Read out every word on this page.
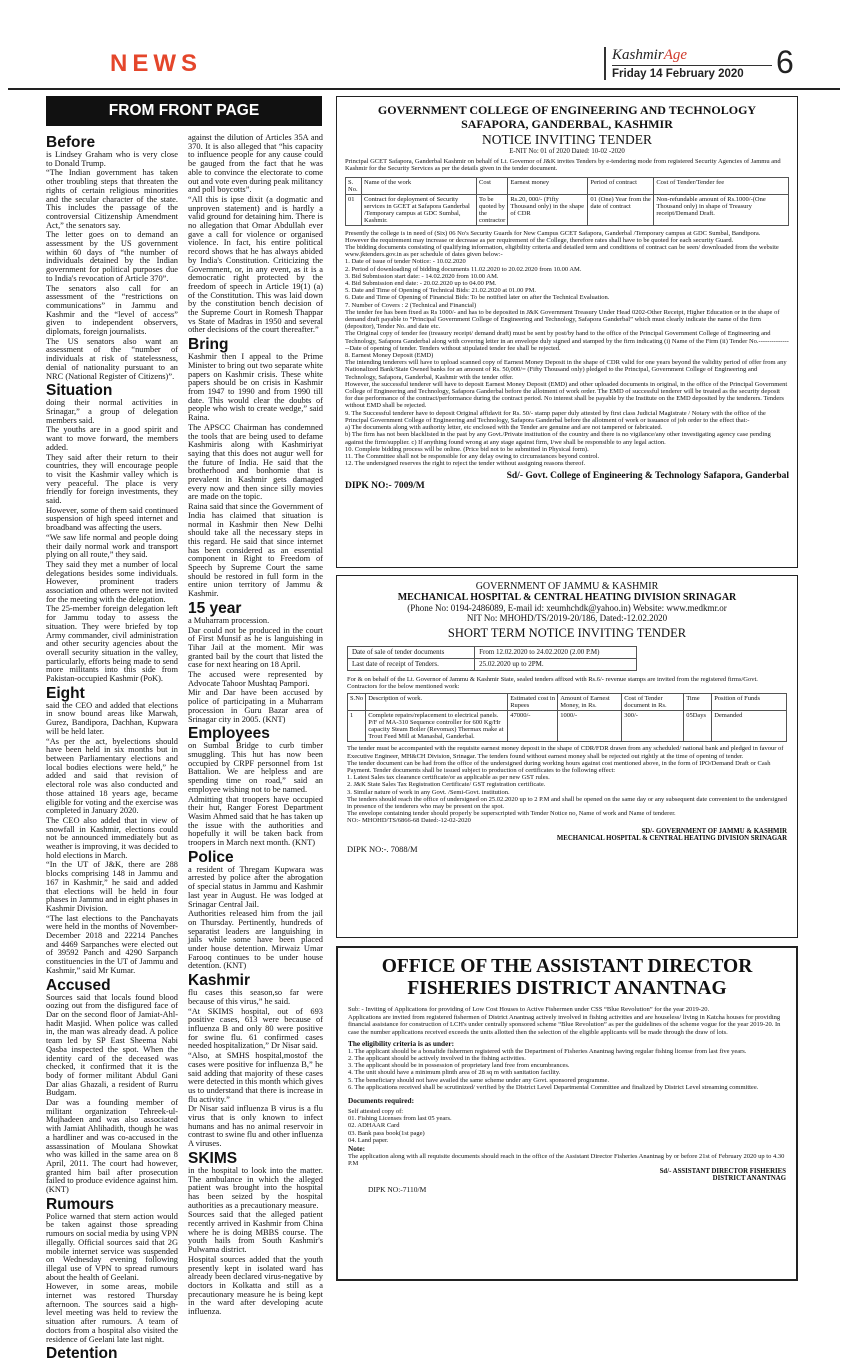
NEWS	KashmirAge
Friday 14 February 2020	6
FROM FRONT PAGE
Before

is Lindsey Graham who is very close to Donald Trump.

“The Indian government has taken other troubling steps that threaten the rights of certain religious minorities and the secular character of the state. This includes the passage of the controversial Citizenship Amendment Act,” the senators say.

The letter goes on to demand an assessment by the US government within 60 days of “the number of individuals detained by the Indian government for political purposes due to India's revocation of Article 370”.

The senators also call for an assessment of the “restrictions on communications” in Jammu and Kashmir and the “level of access” given to independent observers, diplomats, foreign journalists.

The US senators also want an assessment of the “number of individuals at risk of statelessness, denial of nationality pursuant to an NRC (National Register of Citizens)”.

Situation

doing their normal activities in Srinagar,” a group of delegation members said.

The youths are in a good spirit and want to move forward, the members added.

They said after their return to their countries, they will encourage people to visit the Kashmir valley which is very peaceful. The place is very friendly for foreign investments, they said.

However, some of them said continued suspension of high speed internet and broadband was affecting the users.

“We saw life normal and people doing their daily normal work and transport plying on all route,” they said.

They said they met a number of local delegations besides some individuals. However, prominent traders association and others were not invited for the meeting with the delegation.

The 25-member foreign delegation left for Jammu today to assess the situation. They were briefed by top Army commander, civil administration and other security agencies about the overall security situation in the valley, particularly, efforts being made to send more militants into this side from Pakistan-occupied Kashmir (PoK).

Eight

said the CEO and added that elections in snow bound areas like Marwah, Gurez, Bandipora, Dachhan, Kupwara will be held later.

“As per the act, byelections should have been held in six months but in between Parliamentary elections and local bodies elections were held,” he added and said that revision of electoral role was also conducted and those attained 18 years age, became eligible for voting and the exercise was completed in January 2020.

The CEO also added that in view of snowfall in Kashmir, elections could not be announced immediately but as weather is improving, it was decided to hold elections in March.

“In the UT of J&K, there are 288 blocks comprising 148 in Jammu and 167 in Kashmir,” he said and added that elections will be held in four phases in Jammu and in eight phases in Kashmir Division.

“The last elections to the Panchayats were held in the months of November-December 2018 and 22214 Panches and 4469 Sarpanches were elected out of 39592 Panch and 4290 Sarpanch constituencies in the UT of Jammu and Kashmir,” said Mr Kumar.

Accused

Sources said that locals found blood oozing out from the disfigured face of Dar on the second floor of Jamiat-Ahl-hadit Masjid. When police was called in, the man was already dead. A police team led by SP East Sheema Nabi Qasba inspected the spot. When the identity card of the deceased was checked, it confirmed that it is the body of former militant Abdul Gani Dar alias Ghazali, a resident of Rurru Budgam.

Dar was a founding member of militant organization Tehreek-ul-Mujhadeen and was also associated with Jamiat Ahlihadith, though he was a hardliner and was co-accused in the assassination of Moulana Showkat who was killed in the same area on 8 April, 2011. The court had however, granted him bail after prosecution failed to produce evidence against him. (KNT)

Rumours

Police warned that stern action would be taken against those spreading rumours on social media by using VPN illegally. Official sources said that 2G mobile internet service was suspended on Wednesday evening following illegal use of VPN to spread rumours about the health of Geelani.

However, in some areas, mobile internet was restored Thursday afternoon. The sources said a high-level meeting was held to review the situation after rumours. A team of doctors from a hospital also visited the residence of Geelani late last night.

Detention

against the dilution of Articles 35A and 370. It is also alleged that “his capacity to influence people for any cause could be gauged from the fact that he was able to convince the electorate to come out and vote even during peak militancy and poll boycotts”.

“All this is ipse dixit (a dogmatic and unproven statement) and is hardly a valid ground for detaining him. There is no allegation that Omar Abdullah ever gave a call for violence or organised violence. In fact, his entire political record shows that he has always abided by India's Constitution. Criticizing the Government, or, in any event, as it is a democratic right protected by the freedom of speech in Article 19(1) (a) of the Constitution. This was laid down by the constitution bench decision of the Supreme Court in Romesh Thappar vs State of Madras in 1950 and several other decisions of the court thereafter.”

Bring

Kashmir then I appeal to the Prime Minister to bring out two separate white papers on Kashmir crisis. These white papers should be on crisis in Kashmir from 1947 to 1990 and from 1990 till date. This would clear the doubts of people who wish to create wedge,” said Raina.

The APSCC Chairman has condemned the tools that are being used to defame Kashmiris along with Kashmiriyat saying that this does not augur well for the future of India. He said that the brotherhood and bonhomie that is prevalent in Kashmir gets damaged every now and then since silly movies are made on the topic.

Raina said that since the Government of India has claimed that situation is normal in Kashmir then New Delhi should take all the necessary steps in this regard. He said that since internet has been considered as an essential component in Right to Freedom of Speech by Supreme Court the same should be restored in full form in the entire union territory of Jammu & Kashmir.

15 year

a Muharram procession.

Dar could not be produced in the court of First Munsif as he is languishing in Tihar Jail at the moment. Mir was granted bail by the court that listed the case for next hearing on 18 April.

The accused were represented by Advocate Tahoor Mushtaq Pampori.

Mir and Dar have been accused by police of participating in a Muharram procession in Guru Bazar area of Srinagar city in 2005. (KNT)

Employees

on Sumbal Bridge to curb timber smuggling. This hut has now been occupied by CRPF personnel from 1st Battalion. We are helpless and are spending time on road,” said an employee wishing not to be named.

Admitting that troopers have occupied their hut, Ranger Forest Department Wasim Ahmed said that he has taken up the issue with the authorities and hopefully it will be taken back from troopers in March next month. (KNT)

Police

a resident of Thregam Kupwara was arrested by police after the abrogation of special status in Jammu and Kashmir last year in August. He was lodged at Srinagar Central Jail.

Authorities released him from the jail on Thursday. Pertinently, hundreds of separatist leaders are languishing in jails while some have been placed under house detention. Mirwaiz Umar Farooq continues to be under house detention. (KNT)

Kashmir

flu cases this season,so far were because of this virus,” he said.

“At SKIMS hospital, out of 693 positive cases, 613 were because of influenza B and only 80 were positive for swine flu. 61 confirmed cases needed hospitalization,” Dr Nisar said.

“Also, at SMHS hospital,mostof the cases were positive for influenza B,” he said adding that majority of these cases were detected in this month which gives us to understand that there is increase in flu activity.”

Dr Nisar said influenza B virus is a flu virus that is only known to infect humans and has no animal reservoir in contrast to swine flu and other influenza A viruses.

SKIMS

in the hospital to look into the matter. The ambulance in which the alleged patient was brought into the hospital has been seized by the hospital authorities as a precautionary measure.

Sources said that the alleged patient recently arrived in Kashmir from China where he is doing MBBS course. The youth hails from South Kashmir's Pulwama district.

Hospital sources added that the youth presently kept in isolated ward has already been declared virus-negative by doctors in Kolkatta and still as a precautionary measure he is being kept in the ward after developing acute influenza.

GOVERNMENT COLLEGE OF ENGINEERING AND TECHNOLOGY
SAFAPORA, GANDERBAL, KASHMIR
NOTICE INVITING TENDER
E-NIT No: 01 of 2020 Dated: 10-02 -2020
Principal GCET Safapora, Ganderbal Kashmir on behalf of Lt. Governor of J&K invites Tenders by e-tendering mode from registered Security Agencies of Jammu and Kashmir for the Security Services as per the details given in the tender document.
S. No.	Name of the work	Cost	Earnest money	Period of contract	Cost of Tender/Tender fee
01	Contract for deployment of Security services in GCET at Safapora Ganderbal /Temporary campus at GDC Sumbal, Kashmir.	To be quoted by the contractor	Rs.20, 000/- (Fifty Thousand only) in the shape of CDR	01 (One) Year from the date of contract	Non-refundable amount of Rs.1000/-(One Thousand only) in shape of Treasury receipt/Demand Draft.
Presently the college is in need of (Six) 06 No's Security Guards for New Campus GCET Safapora, Ganderbal /Temporary campus at GDC Sumbal, Bandipora.
However the requirement may increase or decrease as per requirement of the College, therefore rates shall have to be quoted for each security Guard.
The bidding documents consisting of qualifying information, eligibility criteria and detailed term and conditions of contract can be seen/ downloaded from the website www.jktenders.gov.in as per schedule of dates given below:-
1. Date of issue of tender Notice: - 10.02.2020
2. Period of downloading of bidding documents 11.02.2020 to 20.02.2020 from 10.00 AM.
3. Bid Submission start date: - 14.02.2020 from 10.00 AM.
4. Bid Submission end date: - 20.02.2020 up to 04.00 PM.
5. Date and Time of Opening of Technical Bids: 21.02.2020 at 01.00 PM.
6. Date and Time of Opening of Financial Bids: To be notified later on after the Technical Evaluation.
7. Number of Covers : 2 (Technical and Financial)
The tender fee has been fixed as Rs 1000/- and has to be deposited in J&K Government Treasury Under Head 0202-Other Receipt, Higher Education or in the shape of demand draft payable to “Principal Government College of Engineering and Technology, Safapora Ganderbal” which must clearly indicate the name of the firm (depositor), Tender No. and date etc.
The Original copy of tender fee (treasury receipt/ demand draft) must be sent by post/by hand to the office of the Principal Government College of Engineering and Technology, Safapora Ganderbal along with covering letter in an envelope duly signed and stamped by the firm indicating (i) Name of the Firm (ii) Tender No.----------------Date of opening of tender. Tenders without stipulated tender fee shall be rejected.
8. Earnest Money Deposit (EMD)
The intending tenderers will have to upload scanned copy of Earnest Money Deposit in the shape of CDR valid for one years beyond the validity period of offer from any Nationalized Bank/State Owned banks for an amount of Rs. 50,000/= (Fifty Thousand only) pledged to the Principal, Government College of Engineering and Technology, Safapora, Ganderbal, Kashmir with the tender offer.
However, the successful tenderer will have to deposit Earnest Money Deposit (EMD) and other uploaded documents in original, in the office of the Principal Government College of Engineering and Technology, Safapora Ganderbal before the allotment of work order. The EMD of successful tenderer will be treated as the security deposit for due performance of the contract/performance during the contract period. No interest shall be payable by the Institute on the EMD deposited by the tenderers. Tenders without EMD shall be rejected.
9. The Successful tenderer have to deposit Original affidavit for Rs. 50/- stamp paper duly attested by first class Judicial Magistrate / Notary with the office of the Principal Government College of Engineering and Technology, Safapora Ganderbal before the allotment of work or issuance of job order to the effect that:-
a) The documents along with authority letter, etc enclosed with the Tender are genuine and are not tampered or fabricated.
b) The firm has not been blacklisted in the past by any Govt./Private institution of the country and there is no vigilance/any other investigating agency case pending against the firm/supplier. c) If anything found wrong at any stage against firm, I/we shall be responsible to any legal action.
10. Complete bidding process will be online. (Price bid not to be submitted in Physical form).
11. The Committee shall not be responsible for any delay owing to circumstances beyond control.
12. The undersigned reserves the right to reject the tender without assigning reasons thereof.
Sd/- Govt. College of Engineering & Technology Safapora, Ganderbal
DIPK NO:- 7009/M
GOVERNMENT OF JAMMU & KASHMIR
MECHANICAL HOSPITAL & CENTRAL HEATING DIVISION SRINAGAR
(Phone No: 0194-2486089, E-mail id: xeumhchdk@yahoo.in) Website: www.medkmr.or
NIT No: MHOHD/TS/2019-20/186, Dated:-12.02.2020
SHORT TERM NOTICE INVITING TENDER
Date of sale of tender documents	From 12.02.2020 to 24.02.2020 (2.00 P.M)
Last date of receipt of Tenders.	25.02.2020 up to 2PM.
For & on behalf of the Lt. Governor of Jammu & Kashmir State, sealed tenders affixed with Rs.6/- revenue stamps are invited from the registered firms/Govt. Contractors for the below mentioned work:
S.No	Description of work.	Estimated cost in Rupees	Amount of Earnest Money, in Rs.	Cost of Tender document in Rs.	Time	Position of Funds
1	Complete repairs/replacement to electrical panels. P/F of MA-310 Sequence controller for 600 Kg/Hr capacity Steam Boiler (Revomax) Thermax make at Trout Feed Mill at Manasbal, Ganderbal.	47000/-	1000/-	300/-	05Days	Demanded
The tender must be accompanied with the requisite earnest money deposit in the shape of CDR/FDR drawn from any scheduled/ national bank and pledged in favour of Executive Engineer, MH&CH Division, Srinagar. The tenders found without earnest money shall be rejected out rightly at the time of opening of tender.
The tender document can be had from the office of the undersigned during working hours against cost mentioned above, in the form of IPO/Demand Draft or Cash Payment. Tender documents shall be issued subject to production of certificates to the following effect:
1. Latest Sales tax clearance certificate/or as applicable as per new GST rules.
2. J&K State Sales Tax Registration Certificate/ GST registration certificate.
3. Similar nature of work in any Govt. /Semi-Govt. institution.
The tenders should reach the office of undersigned on 25.02.2020 up to 2 P.M and shall be opened on the same day or any subsequent date convenient to the undersigned in presence of the tenderers who may be present on the spot.
The envelope containing tender should properly be superscripted with Tender Notice no, Name of work and Name of tenderer.
NO:- MHOHD/TS/6866-68 Dated:-12-02-2020
SD/- GOVERNMENT OF JAMMU & KASHMIR
MECHANICAL HOSPITAL & CENTRAL HEATING DIVISION SRINAGAR
DIPK NO:-. 7088/M
OFFICE OF THE ASSISTANT DIRECTOR
FISHERIES DISTRICT ANANTNAG
Sub: - Inviting of Applications for providing of Low Cost Houses to Active Fishermen under CSS “Blue Revolution” for the year 2019-20.
Applications are invited from registered fishermen of District Anantnag actively involved in fishing activities and are houseless/ living in Katcha houses for providing financial assistance for construction of LCH's under centrally sponsored scheme “Blue Revolution” as per the guidelines of the scheme vogue for the year 2019-20. In case the number applications received exceeds the units allotted then the selection of the eligible applicants will be made through the draw of lots.
The eligibility criteria is as under:
1. The applicant should be a bonafide fishermen registered with the Department of Fisheries Anantnag having regular fishing license from last five years.
2. The applicant should be actively involved in the fishing activities.
3. The applicant should be in possession of proprietary land free from encumbrances.
4. The unit should have a minimum plinth area of 28 sq m with sanitation facility.
5. The beneficiary should not have availed the same scheme under any Govt. sponsored programme.
6. The applications received shall be scrutinized/ verified by the District Level Departmental Committee and finalized by District Level streaming committee.
Documents required:
Self attested copy of:
01. Fishing Licenses from last 05 years.
02. ADHAAR Card
03. Bank pass book(1st page)
04. Land paper.
Note:
The application along with all requisite documents should reach in the office of the Assistant Director Fisheries Anantnag by or before 21st of February 2020 up to 4.30 P.M
Sd/- ASSISTANT DIRECTOR FISHERIES
DISTRICT ANANTNAG
DIPK NO:-7110/M
